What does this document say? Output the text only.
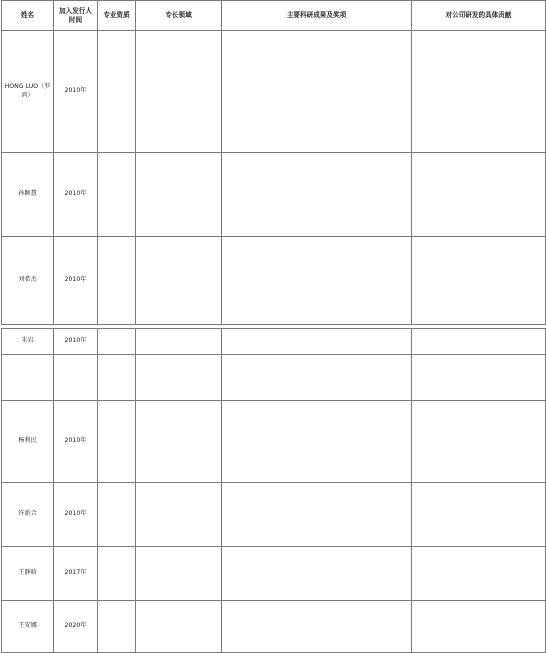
姓名	加入发行人时间	专业资质	专长领域	主要科研成果及奖项	对公司研发的具体贡献
HONG LUO（罗鸿）	2010年				
孙颖慧	2010年				
刘希杰	2010年				

朱岩	2010年				

杨利民	2010年				
许新合	2010年				
王静晗	2017年				
王安娜	2020年				
